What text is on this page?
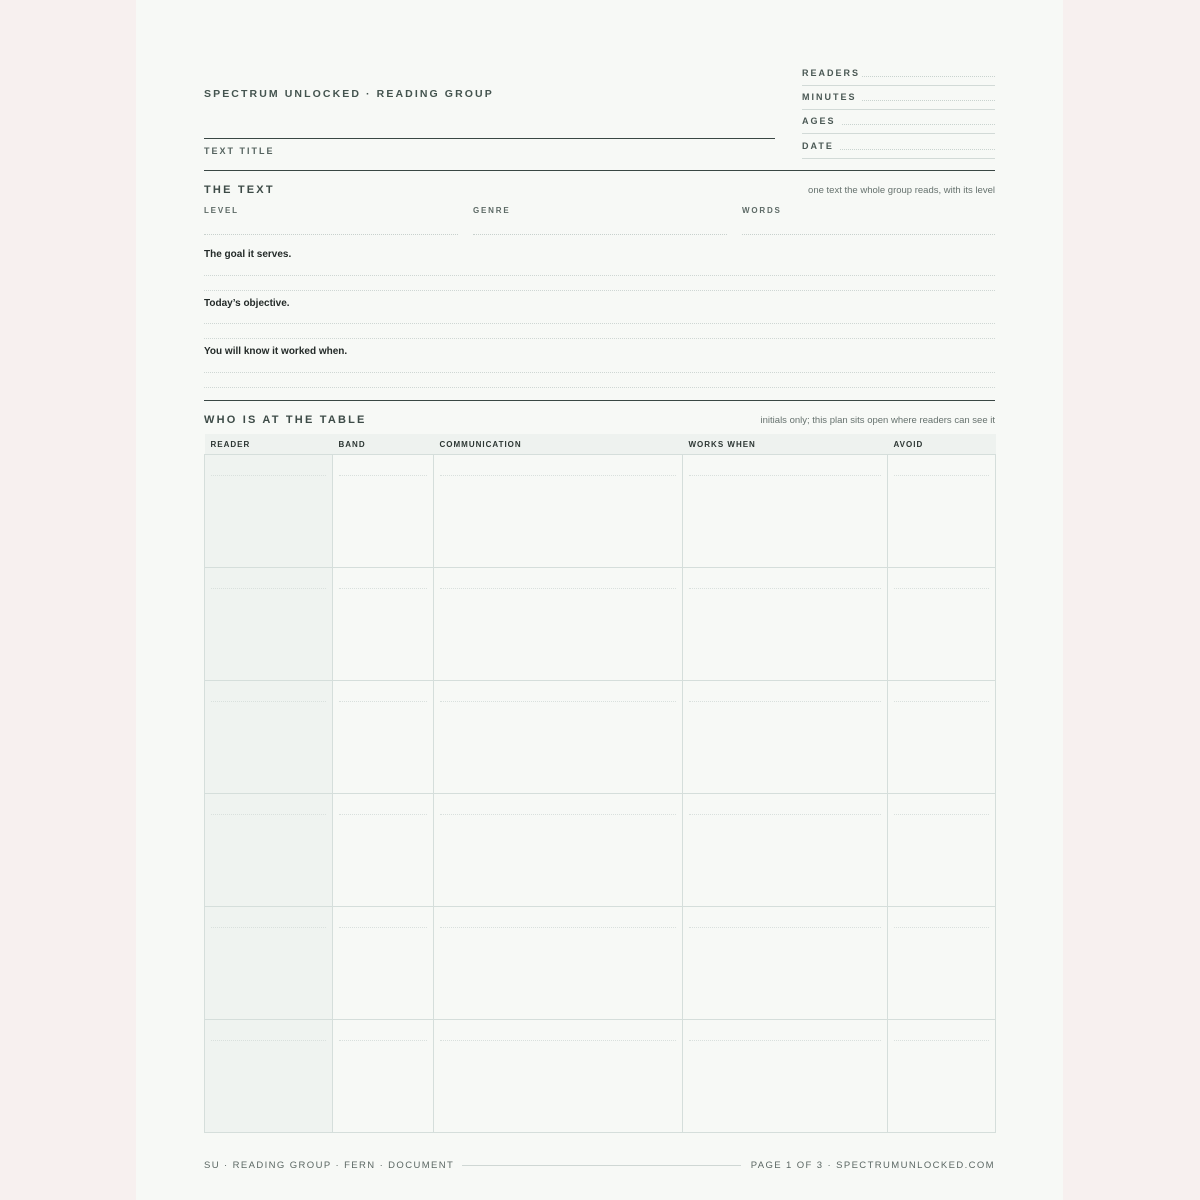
SPECTRUM UNLOCKED · READING GROUP
TEXT TITLE
READERS
MINUTES
AGES
DATE
THE TEXT	one text the whole group reads, with its level
LEVEL	GENRE	WORDS
The goal it serves.
Today’s objective.
You will know it worked when.
WHO IS AT THE TABLE	initials only; this plan sits open where readers can see it
READER	BAND	COMMUNICATION	WORKS WHEN	AVOID

SU · READING GROUP · FERN · DOCUMENT	PAGE 1 OF 3 · SPECTRUMUNLOCKED.COM
